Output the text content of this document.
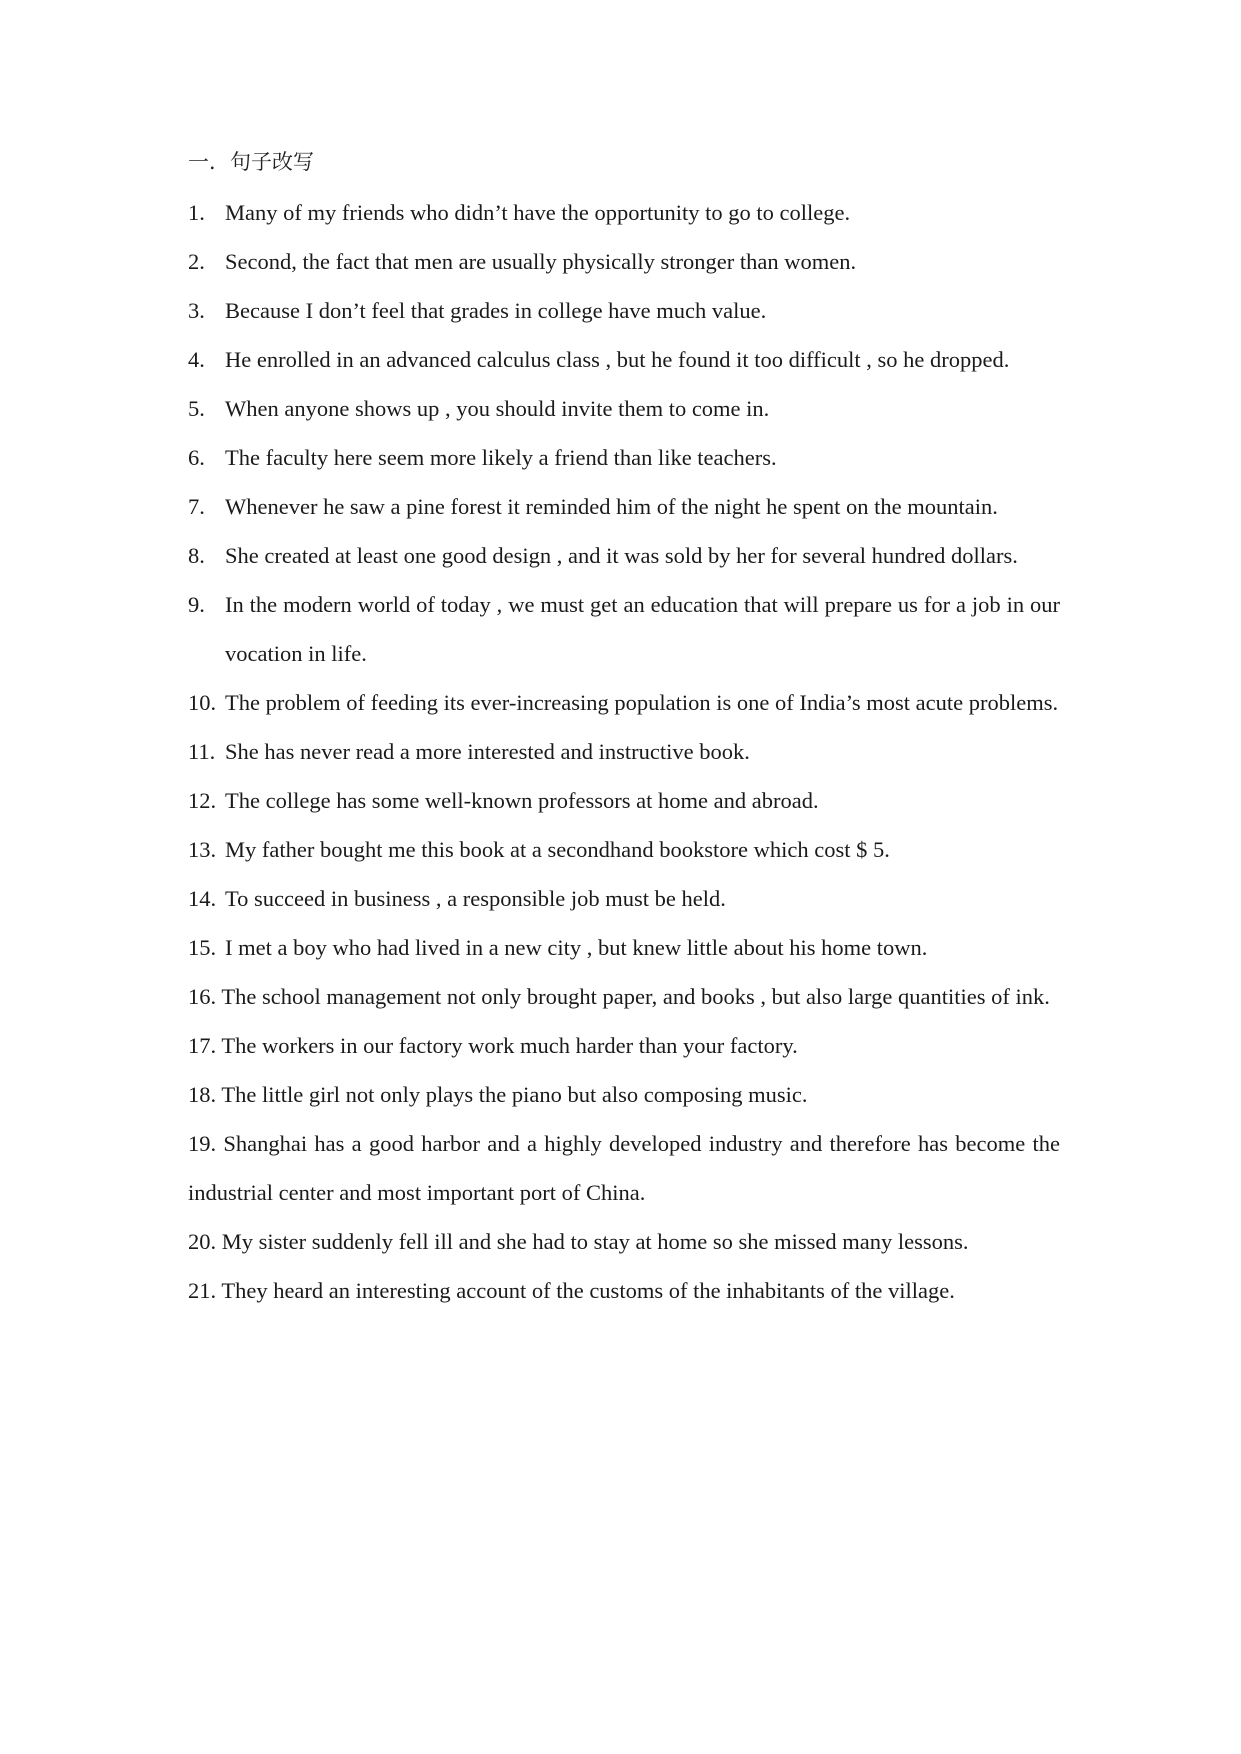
一．句子改写

1. Many of my friends who didn’t have the opportunity to go to college.

2. Second, the fact that men are usually physically stronger than women.

3. Because I don’t feel that grades in college have much value.

4. He enrolled in an advanced calculus class , but he found it too difficult , so he dropped.

5. When anyone shows up , you should invite them to come in.

6. The faculty here seem more likely a friend than like teachers.

7. Whenever he saw a pine forest it reminded him of the night he spent on the mountain.

8. She created at least one good design , and it was sold by her for several hundred dollars.

9. In the modern world of today , we must get an education that will prepare us for a job in our vocation in life.

10. The problem of feeding its ever-increasing population is one of India’s most acute problems.

11. She has never read a more interested and instructive book.

12. The college has some well-known professors at home and abroad.

13. My father bought me this book at a secondhand bookstore which cost $ 5.

14. To succeed in business , a responsible job must be held.

15. I met a boy who had lived in a new city , but knew little about his home town.

16. The school management not only brought paper, and books , but also large quantities of ink.

17. The workers in our factory work much harder than your factory.

18. The little girl not only plays the piano but also composing music.

19. Shanghai has a good harbor and a highly developed industry and therefore has become the industrial center and most important port of China.

20. My sister suddenly fell ill and she had to stay at home so she missed many lessons.

21. They heard an interesting account of the customs of the inhabitants of the village.
